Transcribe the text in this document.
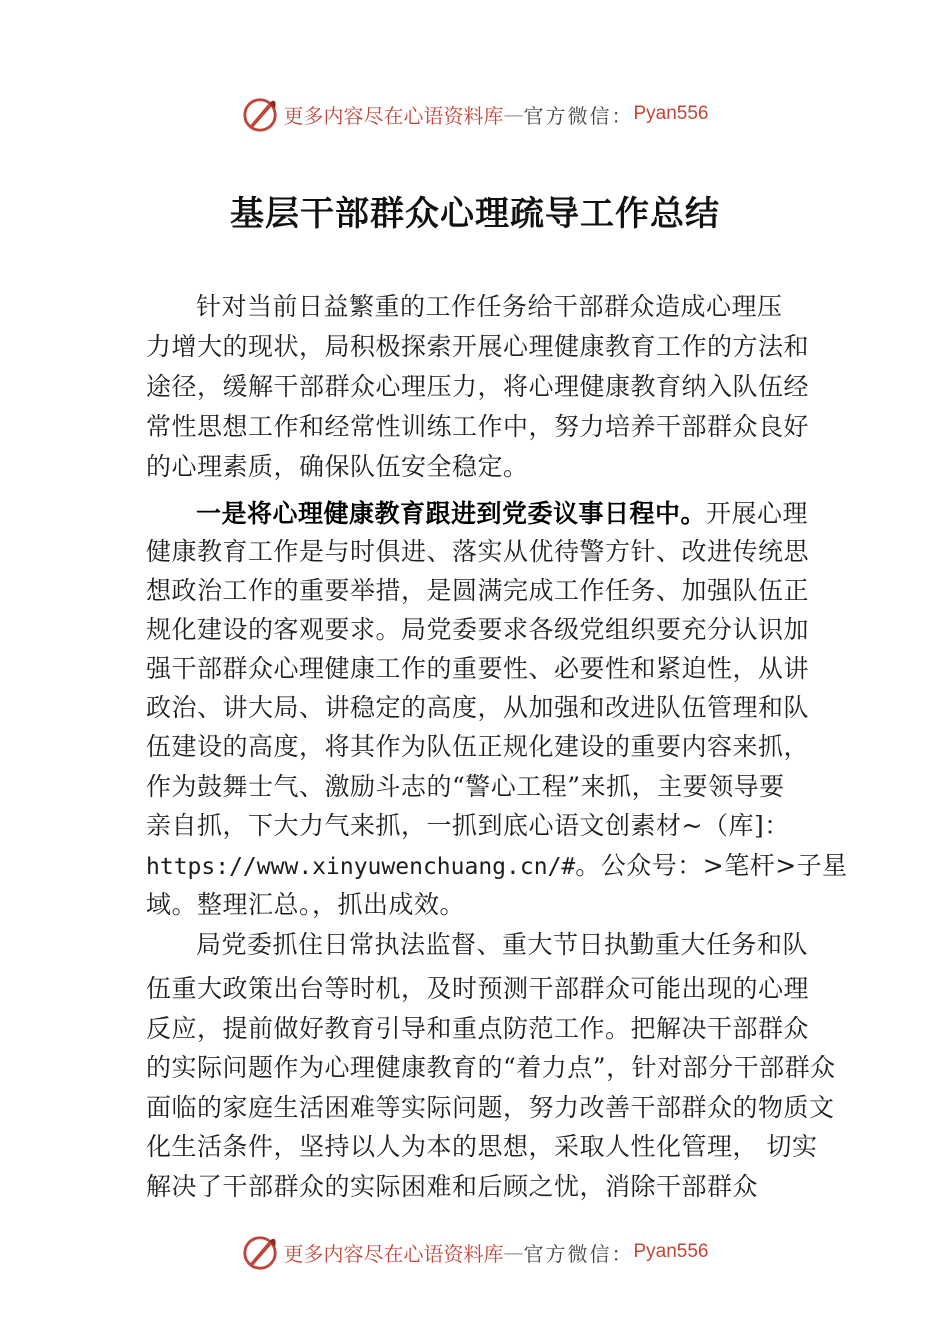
更多内容尽在心语资料库 — 官方微信： Pyan556
基层干部群众心理疏导工作总结
针对当前日益繁重的工作任务给干部群众造成心理压
力增大的现状，局积极探索开展心理健康教育工作的方法和
途径，缓解干部群众心理压力，将心理健康教育纳入队伍经
常性思想工作和经常性训练工作中，努力培养干部群众良好
的心理素质，确保队伍安全稳定。
一是将心理健康教育跟进到党委议事日程中。开展心理
健康教育工作是与时俱进、落实从优待警方针、改进传统思
想政治工作的重要举措，是圆满完成工作任务、加强队伍正
规化建设的客观要求。局党委要求各级党组织要充分认识加
强干部群众心理健康工作的重要性、必要性和紧迫性，从讲
政治、讲大局、讲稳定的高度，从加强和改进队伍管理和队
伍建设的高度，将其作为队伍正规化建设的重要内容来抓，
作为鼓舞士气、激励斗志的“警心工程”来抓，主要领导要
亲自抓，下大力气来抓，一抓到底心语文创素材~（库]：
https://www.xinyuwenchuang.cn/#。公众号：>笔杆>子星
域。整理汇总。，抓出成效。
局党委抓住日常执法监督、重大节日执勤重大任务和队
伍重大政策出台等时机，及时预测干部群众可能出现的心理
反应，提前做好教育引导和重点防范工作。把解决干部群众
的实际问题作为心理健康教育的“着力点”，针对部分干部群众
面临的家庭生活困难等实际问题，努力改善干部群众的物质文
化生活条件，坚持以人为本的思想，采取人性化管理， 切实
解决了干部群众的实际困难和后顾之忧，消除干部群众
更多内容尽在心语资料库 — 官方微信： Pyan556
